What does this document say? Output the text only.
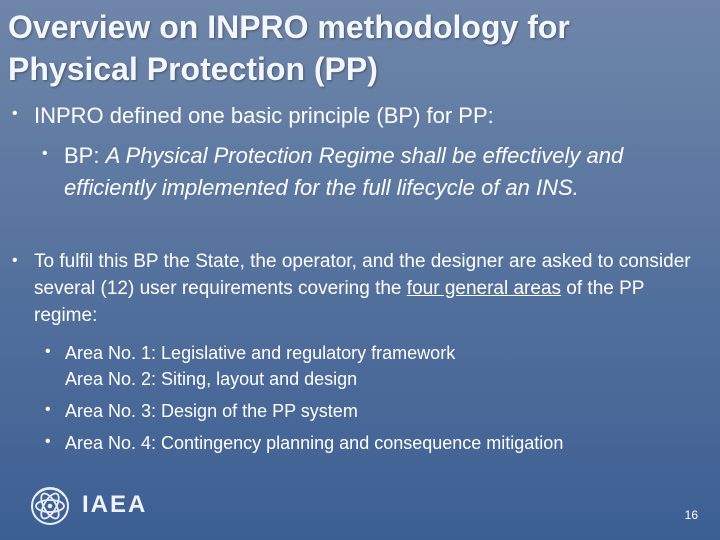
Overview on INPRO methodology for Physical Protection (PP)
• INPRO defined one basic principle (BP) for PP:
• BP: A Physical Protection Regime shall be effectively and efficiently implemented for the full lifecycle of an INS.
• To fulfil this BP the State, the operator, and the designer are asked to consider several (12) user requirements covering the four general areas of the PP regime:
• Area No. 1: Legislative and regulatory framework
Area No. 2: Siting, layout and design
• Area No. 3: Design of the PP system
• Area No. 4: Contingency planning and consequence mitigation
IAEA	16
